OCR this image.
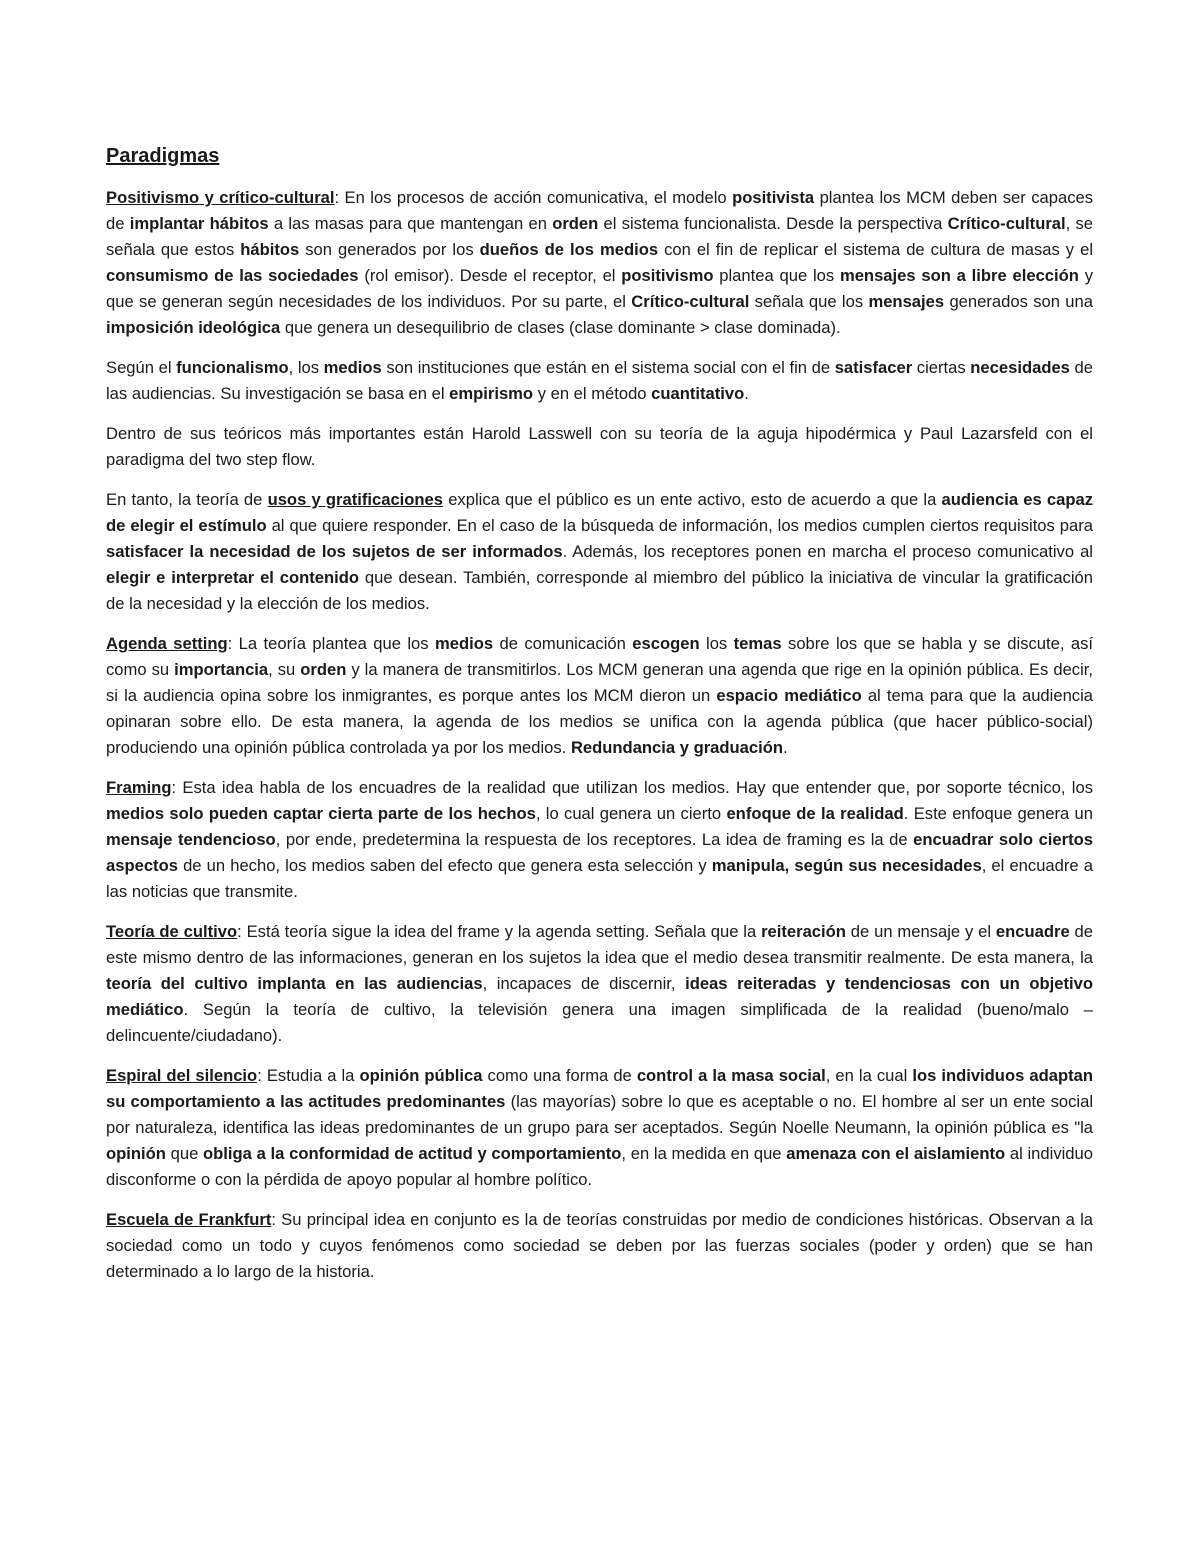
Paradigmas

Positivismo y crítico-cultural: En los procesos de acción comunicativa, el modelo positivista plantea los MCM deben ser capaces de implantar hábitos a las masas para que mantengan en orden el sistema funcionalista. Desde la perspectiva Crítico-cultural, se señala que estos hábitos son generados por los dueños de los medios con el fin de replicar el sistema de cultura de masas y el consumismo de las sociedades (rol emisor). Desde el receptor, el positivismo plantea que los mensajes son a libre elección y que se generan según necesidades de los individuos. Por su parte, el Crítico-cultural señala que los mensajes generados son una imposición ideológica que genera un desequilibrio de clases (clase dominante > clase dominada).

Según el funcionalismo, los medios son instituciones que están en el sistema social con el fin de satisfacer ciertas necesidades de las audiencias. Su investigación se basa en el empirismo y en el método cuantitativo.

Dentro de sus teóricos más importantes están Harold Lasswell con su teoría de la aguja hipodérmica y Paul Lazarsfeld con el paradigma del two step flow.

En tanto, la teoría de usos y gratificaciones explica que el público es un ente activo, esto de acuerdo a que la audiencia es capaz de elegir el estímulo al que quiere responder. En el caso de la búsqueda de información, los medios cumplen ciertos requisitos para satisfacer la necesidad de los sujetos de ser informados. Además, los receptores ponen en marcha el proceso comunicativo al elegir e interpretar el contenido que desean. También, corresponde al miembro del público la iniciativa de vincular la gratificación de la necesidad y la elección de los medios.

Agenda setting: La teoría plantea que los medios de comunicación escogen los temas sobre los que se habla y se discute, así como su importancia, su orden y la manera de transmitirlos. Los MCM generan una agenda que rige en la opinión pública. Es decir, si la audiencia opina sobre los inmigrantes, es porque antes los MCM dieron un espacio mediático al tema para que la audiencia opinaran sobre ello. De esta manera, la agenda de los medios se unifica con la agenda pública (que hacer público-social) produciendo una opinión pública controlada ya por los medios. Redundancia y graduación.

Framing: Esta idea habla de los encuadres de la realidad que utilizan los medios. Hay que entender que, por soporte técnico, los medios solo pueden captar cierta parte de los hechos, lo cual genera un cierto enfoque de la realidad. Este enfoque genera un mensaje tendencioso, por ende, predetermina la respuesta de los receptores. La idea de framing es la de encuadrar solo ciertos aspectos de un hecho, los medios saben del efecto que genera esta selección y manipula, según sus necesidades, el encuadre a las noticias que transmite.

Teoría de cultivo: Está teoría sigue la idea del frame y la agenda setting. Señala que la reiteración de un mensaje y el encuadre de este mismo dentro de las informaciones, generan en los sujetos la idea que el medio desea transmitir realmente. De esta manera, la teoría del cultivo implanta en las audiencias, incapaces de discernir, ideas reiteradas y tendenciosas con un objetivo mediático. Según la teoría de cultivo, la televisión genera una imagen simplificada de la realidad (bueno/malo – delincuente/ciudadano).

Espiral del silencio: Estudia a la opinión pública como una forma de control a la masa social, en la cual los individuos adaptan su comportamiento a las actitudes predominantes (las mayorías) sobre lo que es aceptable o no. El hombre al ser un ente social por naturaleza, identifica las ideas predominantes de un grupo para ser aceptados. Según Noelle Neumann, la opinión pública es "la opinión que obliga a la conformidad de actitud y comportamiento, en la medida en que amenaza con el aislamiento al individuo disconforme o con la pérdida de apoyo popular al hombre político.

Escuela de Frankfurt: Su principal idea en conjunto es la de teorías construidas por medio de condiciones históricas. Observan a la sociedad como un todo y cuyos fenómenos como sociedad se deben por las fuerzas sociales (poder y orden) que se han determinado a lo largo de la historia.
